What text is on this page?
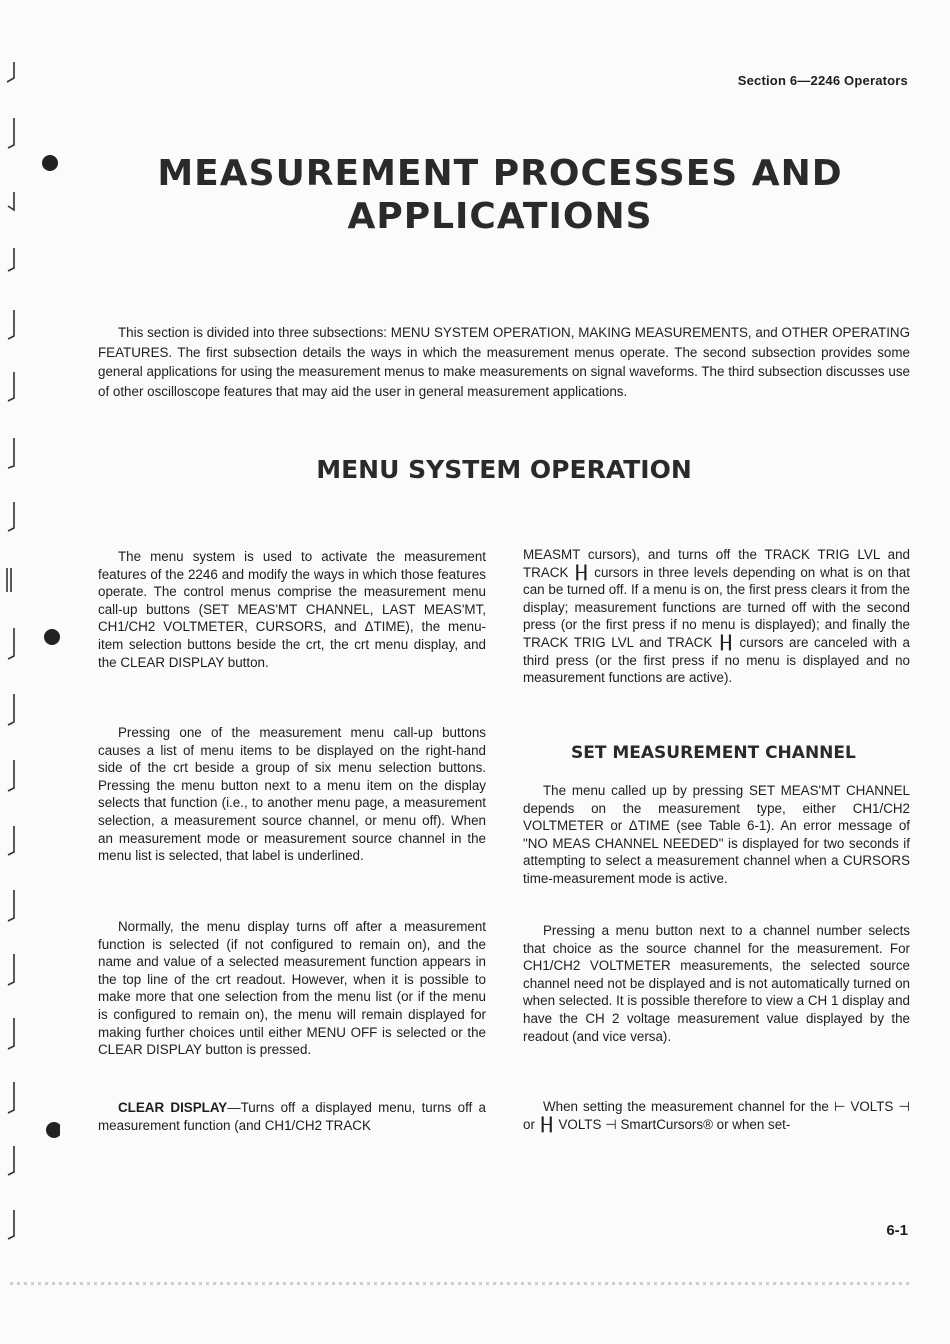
Section 6—2246 Operators
MEASUREMENT PROCESSES AND
APPLICATIONS

This section is divided into three subsections: MENU SYSTEM OPERATION, MAKING MEASUREMENTS, and OTHER OPERATING FEATURES. The first subsection details the ways in which the measurement menus operate. The second subsection provides some general applications for using the measurement menus to make measurements on signal waveforms. The third subsection discusses use of other oscilloscope features that may aid the user in general measurement applications.

MENU SYSTEM OPERATION

The menu system is used to activate the measurement features of the 2246 and modify the ways in which those features operate. The control menus comprise the measurement menu call-up buttons (SET MEAS'MT CHANNEL, LAST MEAS'MT, CH1/CH2 VOLTMETER, CURSORS, and ΔTIME), the menu-item selection buttons beside the crt, the crt menu display, and the CLEAR DISPLAY button.

Pressing one of the measurement menu call-up buttons causes a list of menu items to be displayed on the right-hand side of the crt beside a group of six menu selection buttons. Pressing the menu button next to a menu item on the display selects that function (i.e., to another menu page, a measurement selection, a measurement source channel, or menu off). When an measurement mode or measurement source channel in the menu list is selected, that label is underlined.

Normally, the menu display turns off after a measurement function is selected (if not configured to remain on), and the name and value of a selected measurement function appears in the top line of the crt readout. However, when it is possible to make more that one selection from the menu list (or if the menu is configured to remain on), the menu will remain displayed for making further choices until either MENU OFF is selected or the CLEAR DISPLAY button is pressed.

CLEAR DISPLAY—Turns off a displayed menu, turns off a measurement function (and CH1/CH2 TRACK

MEASMT cursors), and turns off the TRACK TRIG LVL and TRACK ┠┨ cursors in three levels depending on what is on that can be turned off. If a menu is on, the first press clears it from the display; measurement functions are turned off with the second press (or the first press if no menu is displayed); and finally the TRACK TRIG LVL and TRACK ┠┨ cursors are canceled with a third press (or the first press if no menu is displayed and no measurement functions are active).

SET MEASUREMENT CHANNEL

The menu called up by pressing SET MEAS'MT CHANNEL depends on the measurement type, either CH1/CH2 VOLTMETER or ΔTIME (see Table 6-1). An error message of "NO MEAS CHANNEL NEEDED" is displayed for two seconds if attempting to select a measurement channel when a CURSORS time-measurement mode is active.

Pressing a menu button next to a channel number selects that choice as the source channel for the measurement. For CH1/CH2 VOLTMETER measurements, the selected source channel need not be displayed and is not automatically turned on when selected. It is possible therefore to view a CH 1 display and have the CH 2 voltage measurement value displayed by the readout (and vice versa).

When setting the measurement channel for the ⊢ VOLTS ⊣ or ┠┨ VOLTS ⊣ SmartCursors® or when set-

6-1
